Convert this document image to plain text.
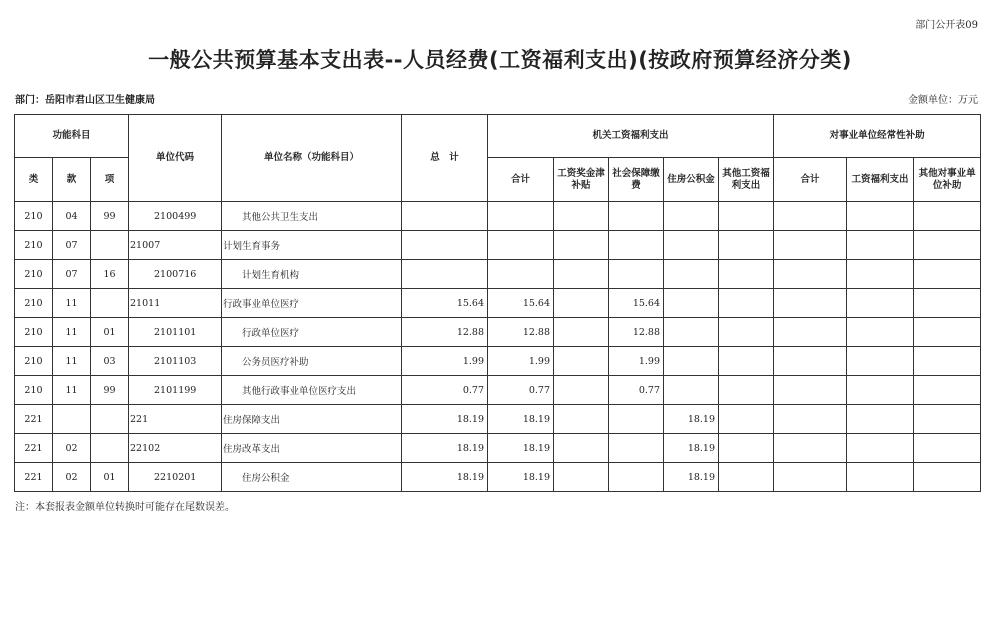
部门公开表09
一般公共预算基本支出表--人员经费(工资福利支出)(按政府预算经济分类)
部门：岳阳市君山区卫生健康局	金额单位：万元
功能科目			单位代码	单位名称（功能科目）	总　计	机关工资福利支出					对事业单位经常性补助		
类	款	项				合计	工资奖金津补贴	社会保障缴费	住房公积金	其他工资福利支出	合计	工资福利支出	其他对事业单位补助
210	04	99	2100499	其他公共卫生支出									
210	07		21007	计划生育事务									
210	07	16	2100716	计划生育机构									
210	11		21011	行政事业单位医疗	15.64	15.64		15.64					
210	11	01	2101101	行政单位医疗	12.88	12.88		12.88					
210	11	03	2101103	公务员医疗补助	1.99	1.99		1.99					
210	11	99	2101199	其他行政事业单位医疗支出	0.77	0.77		0.77					
221			221	住房保障支出	18.19	18.19			18.19				
221	02		22102	住房改革支出	18.19	18.19			18.19				
221	02	01	2210201	住房公积金	18.19	18.19			18.19				
注：本套报表金额单位转换时可能存在尾数误差。
